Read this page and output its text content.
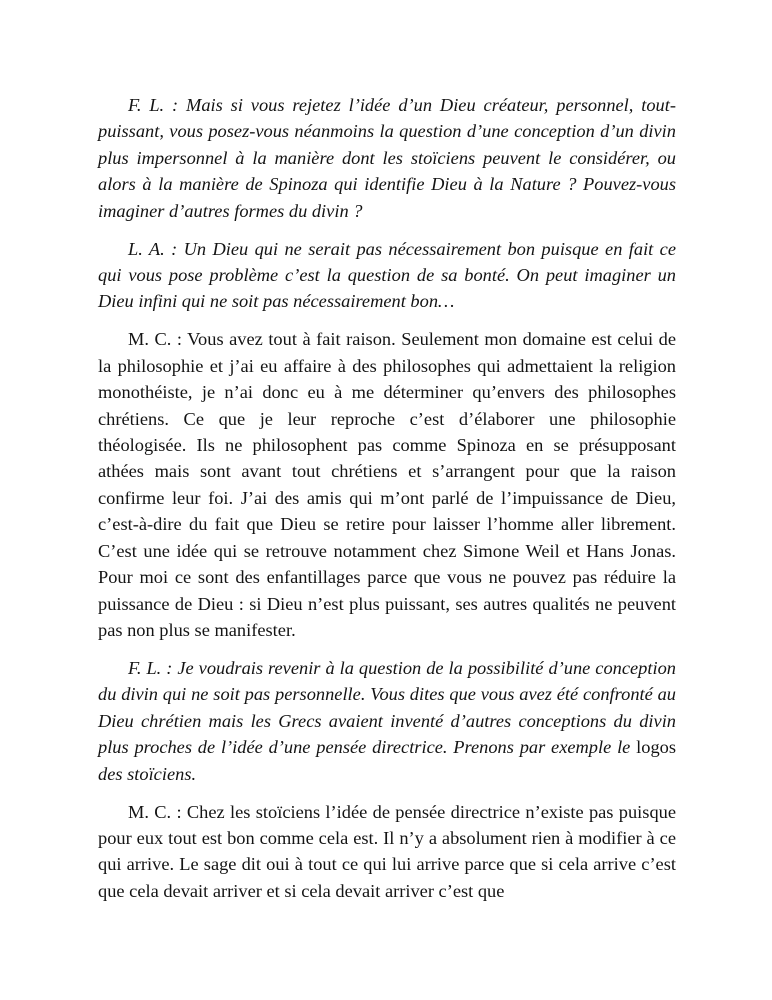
F. L. : Mais si vous rejetez l’idée d’un Dieu créateur, personnel, tout-puissant, vous posez-vous néanmoins la question d’une conception d’un divin plus impersonnel à la manière dont les stoïciens peuvent le considérer, ou alors à la manière de Spinoza qui identifie Dieu à la Nature ? Pouvez-vous imaginer d’autres formes du divin ?

L. A. : Un Dieu qui ne serait pas nécessairement bon puisque en fait ce qui vous pose problème c’est la question de sa bonté. On peut imaginer un Dieu infini qui ne soit pas nécessairement bon…

M. C. : Vous avez tout à fait raison. Seulement mon domaine est celui de la philosophie et j’ai eu affaire à des philosophes qui admettaient la religion monothéiste, je n’ai donc eu à me déterminer qu’envers des philosophes chrétiens. Ce que je leur reproche c’est d’élaborer une philosophie théologisée. Ils ne philosophent pas comme Spinoza en se présupposant athées mais sont avant tout chrétiens et s’arrangent pour que la raison confirme leur foi. J’ai des amis qui m’ont parlé de l’impuissance de Dieu, c’est-à-dire du fait que Dieu se retire pour laisser l’homme aller librement. C’est une idée qui se retrouve notamment chez Simone Weil et Hans Jonas. Pour moi ce sont des enfantillages parce que vous ne pouvez pas réduire la puissance de Dieu : si Dieu n’est plus puissant, ses autres qualités ne peuvent pas non plus se manifester.

F. L. : Je voudrais revenir à la question de la possibilité d’une conception du divin qui ne soit pas personnelle. Vous dites que vous avez été confronté au Dieu chrétien mais les Grecs avaient inventé d’autres conceptions du divin plus proches de l’idée d’une pensée directrice. Prenons par exemple le logos des stoïciens.

M. C. : Chez les stoïciens l’idée de pensée directrice n’existe pas puisque pour eux tout est bon comme cela est. Il n’y a absolument rien à modifier à ce qui arrive. Le sage dit oui à tout ce qui lui arrive parce que si cela arrive c’est que cela devait arriver et si cela devait arriver c’est que
